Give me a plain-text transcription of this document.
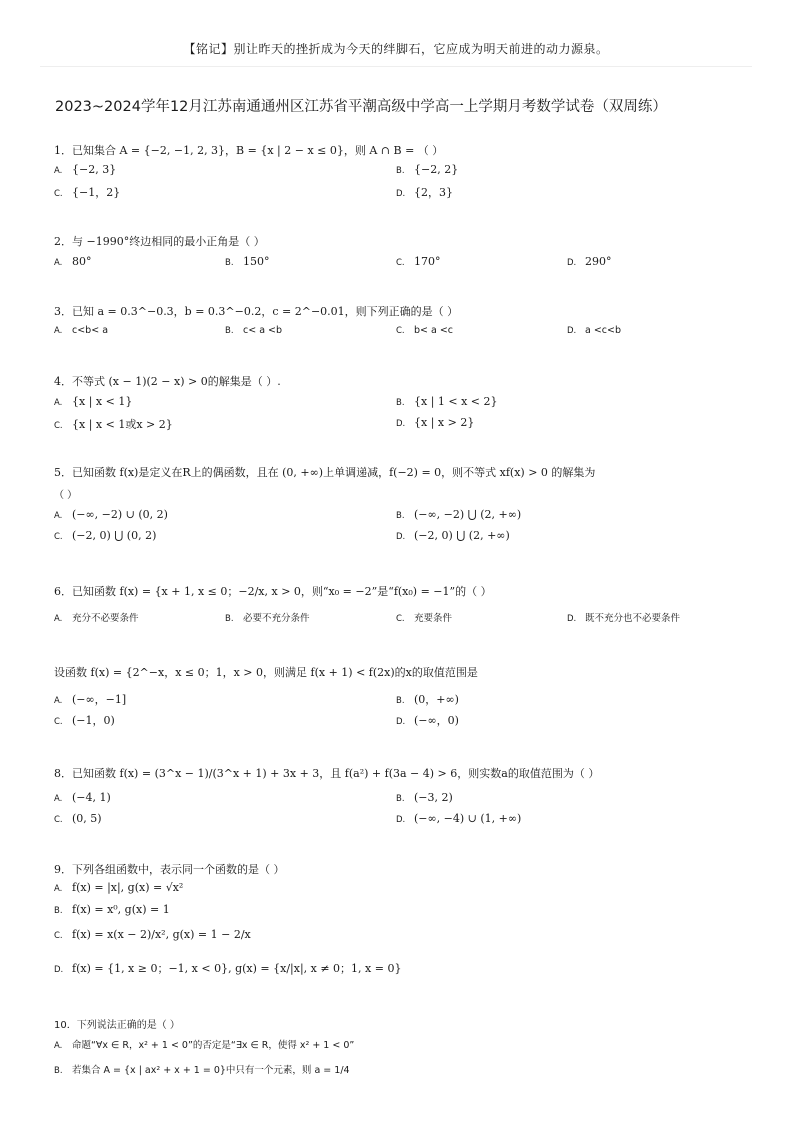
【铭记】别让昨天的挫折成为今天的绊脚石，它应成为明天前进的动力源泉。
2023~2024学年12月江苏南通通州区江苏省平潮高级中学高一上学期月考数学试卷（双周练）
1．已知集合 A = {−2, −1, 2, 3}，B = {x | 2 − x ≤ 0}，则 A ∩ B = （ ）
A. {−2, 3}	B. {−2, 2}
C. {−1，2}	D. {2，3}
2．与 −1990°终边相同的最小正角是（ ）
A. 80°	B. 150°	C. 170°	D. 290°
3．已知 a = 0.3^−0.3，b = 0.3^−0.2，c = 2^−0.01，则下列正确的是（ ）
A. c<b< a	B. c< a <b	C. b< a <c	D. a <c<b
4．不等式 (x − 1)(2 − x) > 0的解集是（ ）.
A. {x | x < 1}	B. {x | 1 < x < 2}
C. {x | x < 1或x > 2}	D. {x | x > 2}
5．已知函数 f(x)是定义在R上的偶函数，且在 (0, +∞)上单调递减，f(−2) = 0，则不等式 xf(x) > 0 的解集为
（ ）
A. (−∞, −2) ∪ (0, 2)	B. (−∞, −2) ⋃ (2, +∞)
C. (−2, 0) ⋃ (0, 2)	D. (−2, 0) ⋃ (2, +∞)
6．已知函数 f(x) = {x + 1, x ≤ 0；−2/x, x > 0，则“x₀ = −2”是“f(x₀) = −1”的（ ）
A. 充分不必要条件	B. 必要不充分条件	C. 充要条件	D. 既不充分也不必要条件
设函数 f(x) = {2^−x，x ≤ 0；1，x > 0，则满足 f(x + 1) < f(2x)的x的取值范围是
A. (−∞，−1]	B. (0，+∞)
C. (−1，0)	D. (−∞，0)
8．已知函数 f(x) = (3^x − 1)/(3^x + 1) + 3x + 3，且 f(a²) + f(3a − 4) > 6，则实数a的取值范围为（ ）
A. (−4, 1)	B. (−3, 2)
C. (0, 5)	D. (−∞, −4) ∪ (1, +∞)
9．下列各组函数中，表示同一个函数的是（ ）
A. f(x) = |x|, g(x) = √x²
B. f(x) = x⁰, g(x) = 1
C. f(x) = x(x − 2)/x², g(x) = 1 − 2/x
D. f(x) = {1, x ≥ 0；−1, x < 0}, g(x) = {x/|x|, x ≠ 0；1, x = 0}
10．下列说法正确的是（ ）
A. 命题“∀x ∈ R，x² + 1 < 0”的否定是“∃x ∈ R，使得 x² + 1 < 0”
B. 若集合 A = {x | ax² + x + 1 = 0}中只有一个元素，则 a = 1/4
